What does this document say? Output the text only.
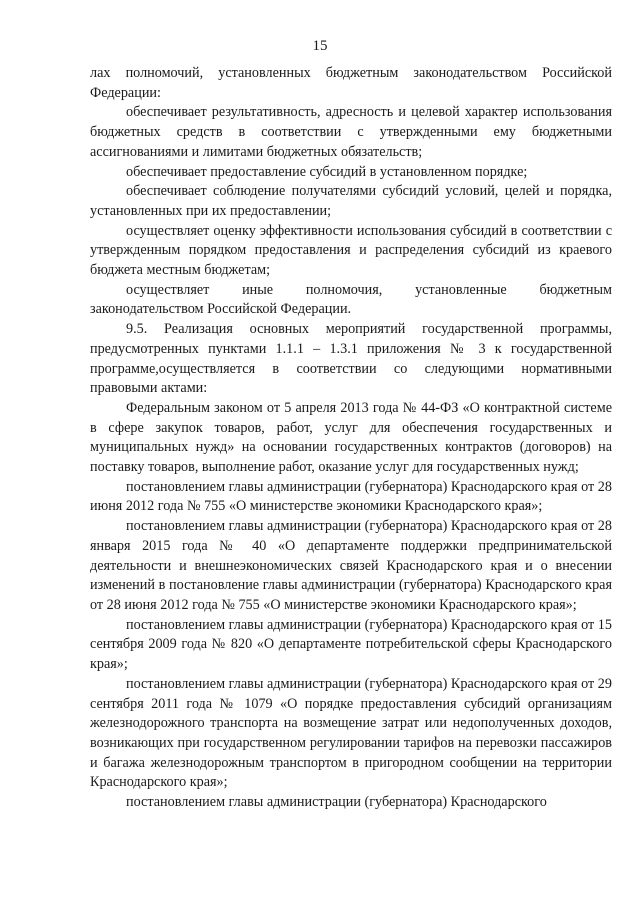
15

лах полномочий, установленных бюджетным законодательством Российской Федерации:

обеспечивает результативность, адресность и целевой характер использования бюджетных средств в соответствии с утвержденными ему бюджетными ассигнованиями и лимитами бюджетных обязательств;

обеспечивает предоставление субсидий в установленном порядке;

обеспечивает соблюдение получателями субсидий условий, целей и порядка, установленных при их предоставлении;

осуществляет оценку эффективности использования субсидий в соответствии с утвержденным порядком предоставления и распределения субсидий из краевого бюджета местным бюджетам;

осуществляет иные полномочия, установленные бюджетным законодательством Российской Федерации.

9.5. Реализация основных мероприятий государственной программы, предусмотренных пунктами 1.1.1 – 1.3.1 приложения № 3 к государственной программе,осуществляется в соответствии со следующими нормативными правовыми актами:

Федеральным законом от 5 апреля 2013 года № 44-ФЗ «О контрактной системе в сфере закупок товаров, работ, услуг для обеспечения государственных и муниципальных нужд» на основании государственных контрактов (договоров) на поставку товаров, выполнение работ, оказание услуг для государственных нужд;

постановлением главы администрации (губернатора) Краснодарского края от 28 июня 2012 года № 755 «О министерстве экономики Краснодарского края»;

постановлением главы администрации (губернатора) Краснодарского края от 28 января 2015 года № 40 «О департаменте поддержки предпринимательской деятельности и внешнеэкономических связей Краснодарского края и о внесении изменений в постановление главы администрации (губернатора) Краснодарского края от 28 июня 2012 года № 755 «О министерстве экономики Краснодарского края»;

постановлением главы администрации (губернатора) Краснодарского края от 15 сентября 2009 года № 820 «О департаменте потребительской сферы Краснодарского края»;

постановлением главы администрации (губернатора) Краснодарского края от 29 сентября 2011 года № 1079 «О порядке предоставления субсидий организациям железнодорожного транспорта на возмещение затрат или недополученных доходов, возникающих при государственном регулировании тарифов на перевозки пассажиров и багажа железнодорожным транспортом в пригородном сообщении на территории Краснодарского края»;

постановлением главы администрации (губернатора) Краснодарского
